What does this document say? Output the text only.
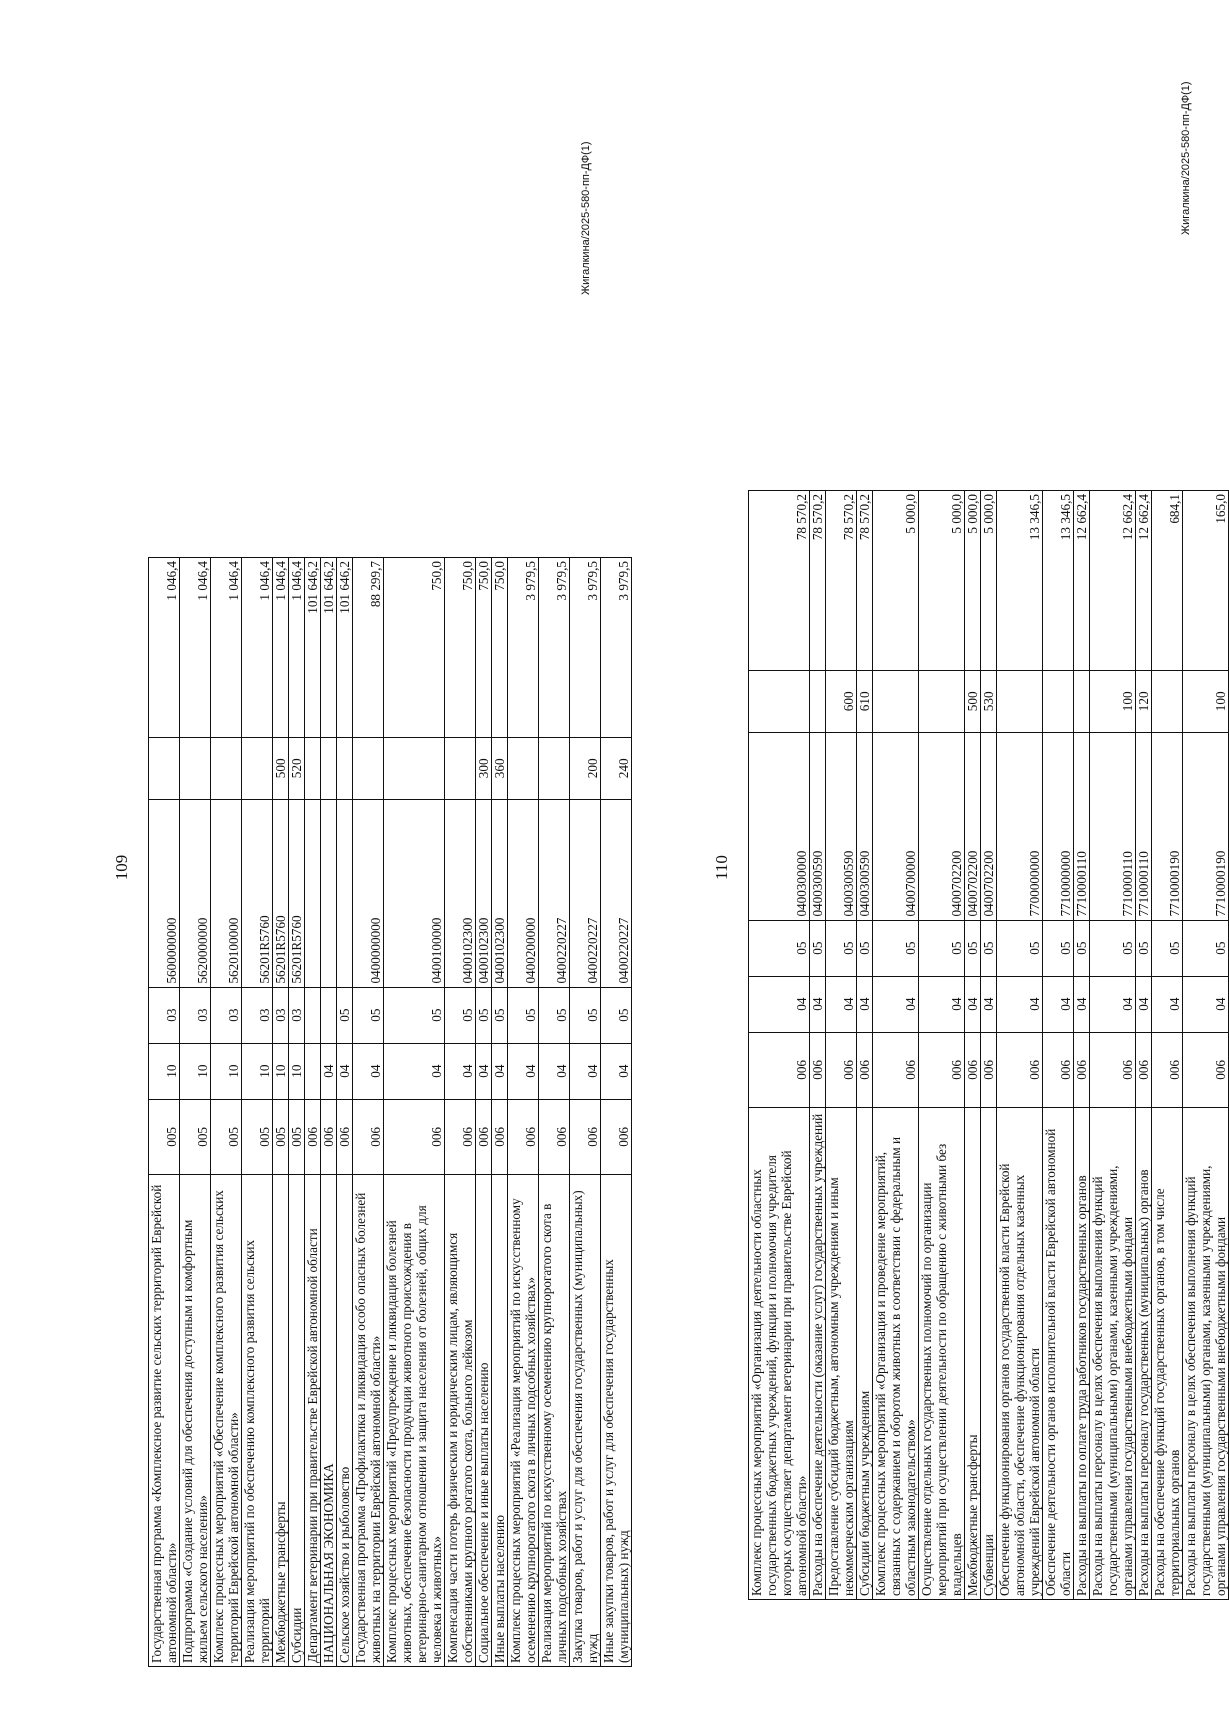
109
Государственная программа «Комплексное развитие сельских территорий Еврейской автономной области»	005	10	03	5600000000		1 046,4
Подпрограмма «Создание условий для обеспечения доступным и комфортным жильем сельского населения»	005	10	03	5620000000		1 046,4
Комплекс процессных мероприятий «Обеспечение комплексного развития сельских территорий Еврейской автономной области»	005	10	03	5620100000		1 046,4
Реализация мероприятий по обеспечению комплексного развития сельских территорий	005	10	03	56201R5760		1 046,4
Межбюджетные трансферты	005	10	03	56201R5760	500	1 046,4
Субсидии	005	10	03	56201R5760	520	1 046,4
Департамент ветеринарии при правительстве Еврейской автономной области	006					101 646,2
НАЦИОНАЛЬНАЯ ЭКОНОМИКА	006	04				101 646,2
Сельское хозяйство и рыболовство	006	04	05			101 646,2
Государственная программа «Профилактика и ликвидация особо опасных болезней животных на территории Еврейской автономной области»	006	04	05	0400000000		88 299,7
Комплекс процессных мероприятий «Предупреждение и ликвидация болезней животных, обеспечение безопасности продукции животного происхождения в ветеринарно-санитарном отношении и защита населения от болезней, общих для человека и животных»	006	04	05	0400100000		750,0
Компенсация части потерь физическим и юридическим лицам, являющимся собственниками крупного рогатого скота, больного лейкозом	006	04	05	0400102300		750,0
Социальное обеспечение и иные выплаты населению	006	04	05	0400102300	300	750,0
Иные выплаты населению	006	04	05	0400102300	360	750,0
Комплекс процессных мероприятий «Реализация мероприятий по искусственному осеменению крупнорогатого скота в личных подсобных хозяйствах»	006	04	05	0400200000		3 979,5
Реализация мероприятий по искусственному осеменению крупнорогатого скота в личных подсобных хозяйствах	006	04	05	0400220227		3 979,5
Закупка товаров, работ и услуг для обеспечения государственных (муниципальных) нужд	006	04	05	0400220227	200	3 979,5
Иные закупки товаров, работ и услуг для обеспечения государственных (муниципальных) нужд	006	04	05	0400220227	240	3 979,5
Жигалкина/2025-580-пп-ДФ(1)
110
Комплекс процессных мероприятий «Организация деятельности областных государственных бюджетных учреждений, функции и полномочия учредителя которых осуществляет департамент ветеринарии при правительстве Еврейской автономной области»	006	04	05	0400300000		78 570,2
Расходы на обеспечение деятельности (оказание услуг) государственных учреждений	006	04	05	0400300590		78 570,2
Предоставление субсидий бюджетным, автономным учреждениям и иным некоммерческим организациям	006	04	05	0400300590	600	78 570,2
Субсидии бюджетным учреждениям	006	04	05	0400300590	610	78 570,2
Комплекс процессных мероприятий «Организация и проведение мероприятий, связанных с содержанием и оборотом животных в соответствии с федеральным и областным законодательством»	006	04	05	0400700000		5 000,0
Осуществление отдельных государственных полномочий по организации мероприятий при осуществлении деятельности по обращению с животными без владельцев	006	04	05	0400702200		5 000,0
Межбюджетные трансферты	006	04	05	0400702200	500	5 000,0
Субвенции	006	04	05	0400702200	530	5 000,0
Обеспечение функционирования органов государственной власти Еврейской автономной области, обеспечение функционирования отдельных казенных учреждений Еврейской автономной области	006	04	05	7700000000		13 346,5
Обеспечение деятельности органов исполнительной власти Еврейской автономной области	006	04	05	7710000000		13 346,5
Расходы на выплаты по оплате труда работников государственных органов	006	04	05	7710000110		12 662,4
Расходы на выплаты персоналу в целях обеспечения выполнения функций государственными (муниципальными) органами, казенными учреждениями, органами управления государственными внебюджетными фондами	006	04	05	7710000110	100	12 662,4
Расходы на выплаты персоналу государственных (муниципальных) органов	006	04	05	7710000110	120	12 662,4
Расходы на обеспечение функций государственных органов, в том числе территориальных органов	006	04	05	7710000190		684,1
Расходы на выплаты персоналу в целях обеспечения выполнения функций государственными (муниципальными) органами, казенными учреждениями, органами управления государственными внебюджетными фондами	006	04	05	7710000190	100	165,0
Жигалкина/2025-580-пп-ДФ(1)
